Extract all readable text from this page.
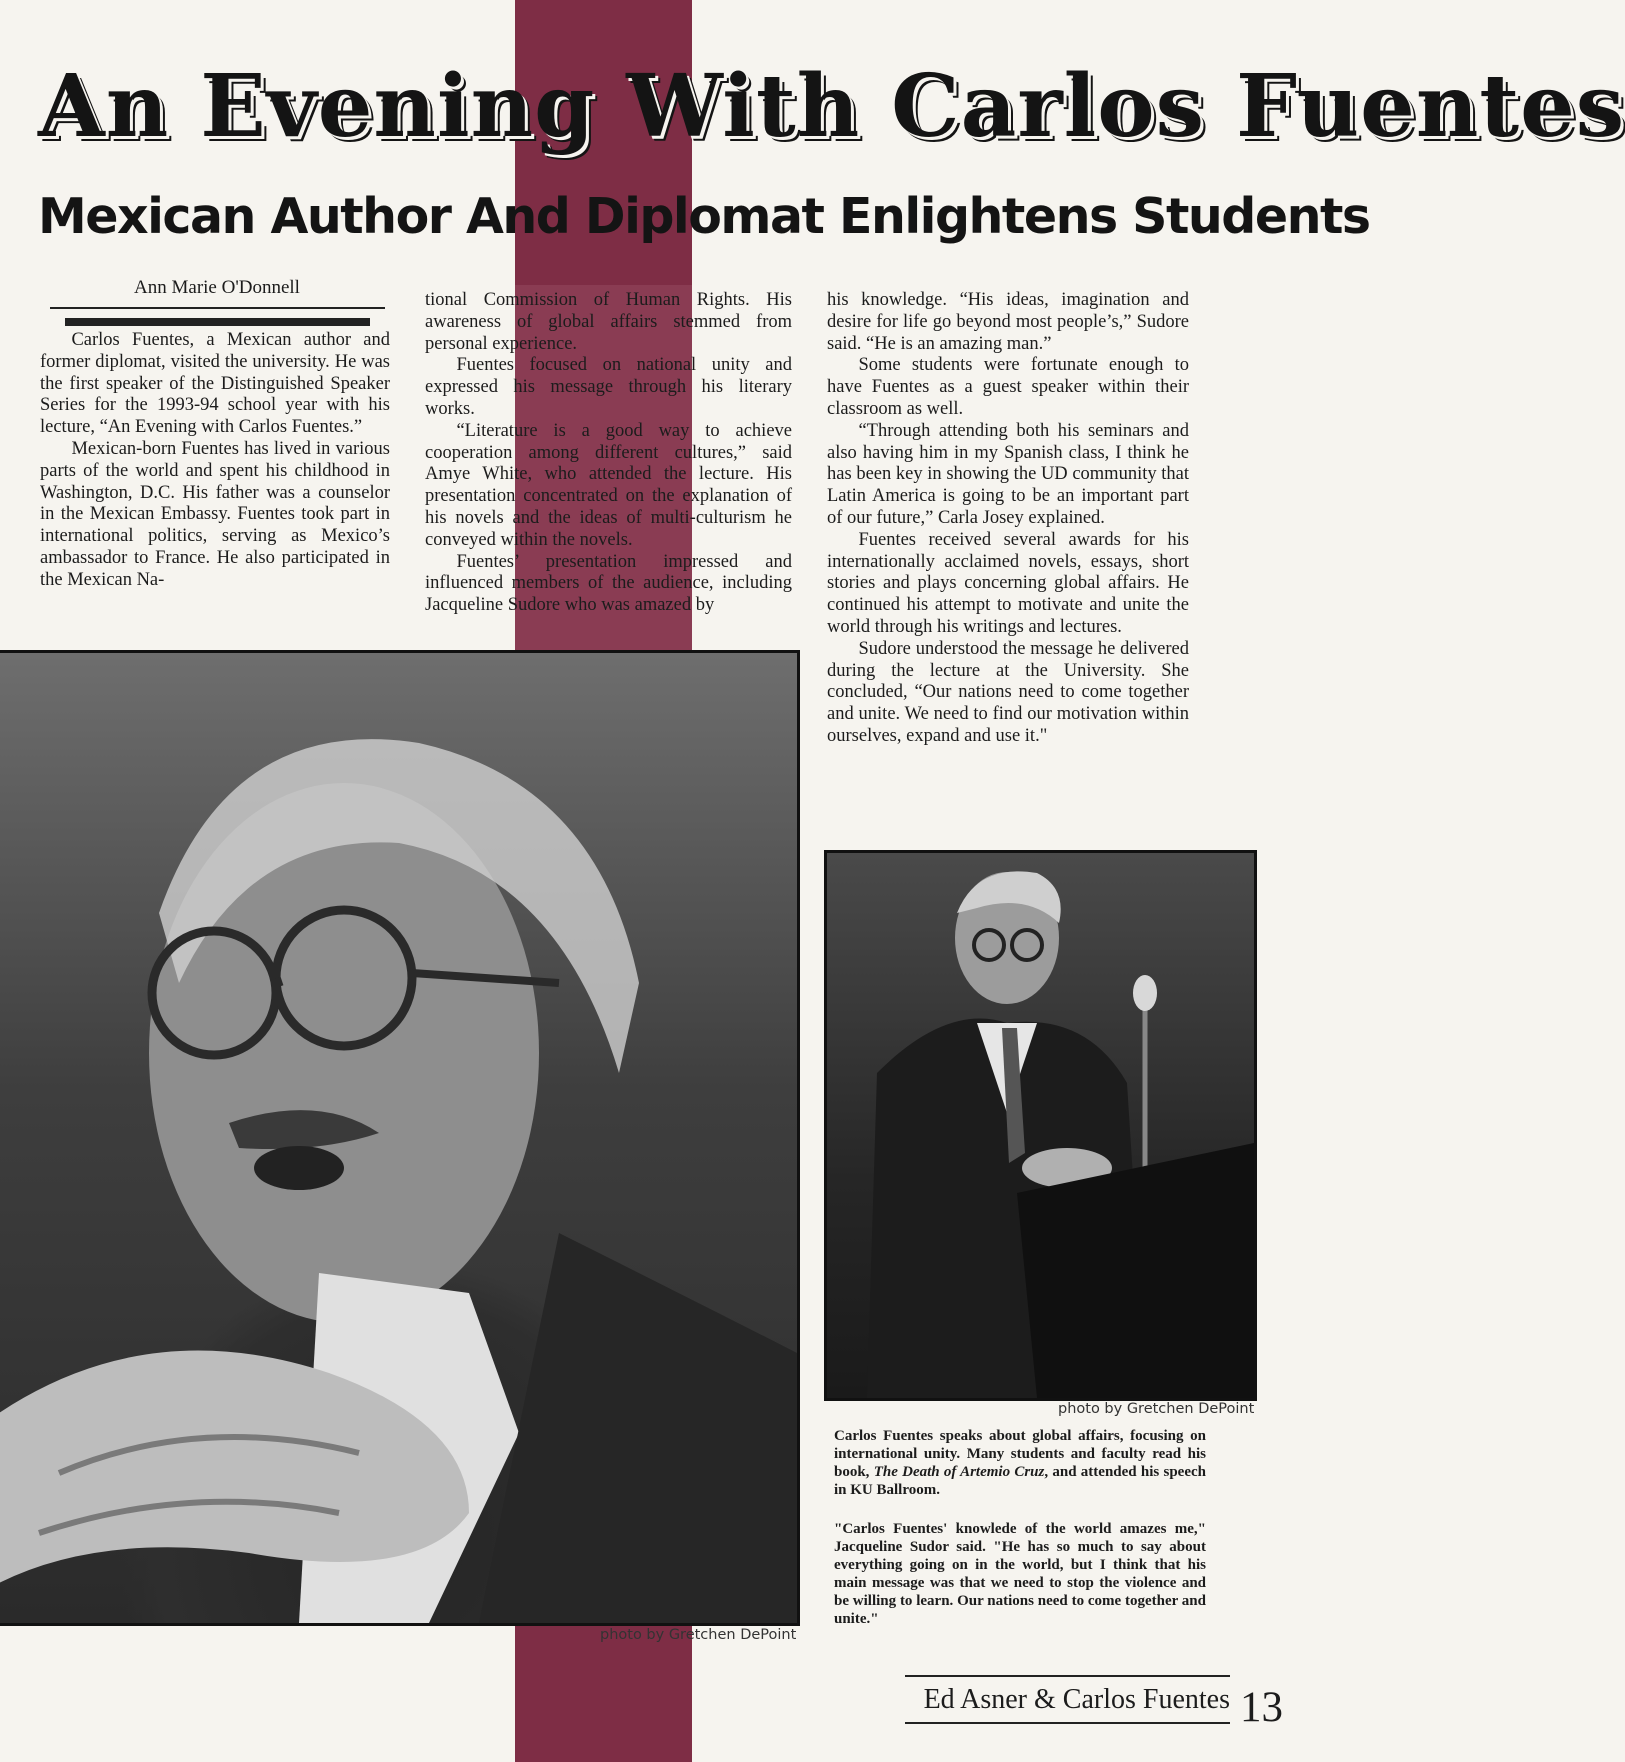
An Evening With Carlos Fuentes
Mexican Author And Diplomat Enlightens Students
Ann Marie O'Donnell

Carlos Fuentes, a Mexican author and former diplomat, visited the university. He was the first speaker of the Distinguished Speaker Series for the 1993-94 school year with his lecture, “An Evening with Carlos Fuentes.”

Mexican-born Fuentes has lived in various parts of the world and spent his childhood in Washington, D.C. His father was a counselor in the Mexican Embassy. Fuentes took part in international politics, serving as Mexico’s ambassador to France. He also participated in the Mexican Na-

tional Commission of Human Rights. His awareness of global affairs stemmed from personal experience.

Fuentes focused on national unity and expressed his message through his literary works.

“Literature is a good way to achieve cooperation among different cultures,” said Amye White, who attended the lecture. His presentation concentrated on the explanation of his novels and the ideas of multi-culturism he conveyed within the novels.

Fuentes’ presentation impressed and influenced members of the audience, including Jacqueline Sudore who was amazed by

his knowledge. “His ideas, imagination and desire for life go beyond most people’s,” Sudore said. “He is an amazing man.”

Some students were fortunate enough to have Fuentes as a guest speaker within their classroom as well.

“Through attending both his seminars and also having him in my Spanish class, I think he has been key in showing the UD community that Latin America is going to be an important part of our future,” Carla Josey explained.

Fuentes received several awards for his internationally acclaimed novels, essays, short stories and plays concerning global affairs. He continued his attempt to motivate and unite the world through his writings and lectures.

Sudore understood the message he delivered during the lecture at the University. She concluded, “Our nations need to come together and unite. We need to find our motivation within ourselves, expand and use it."

photo by Gretchen DePoint
photo by Gretchen DePoint

Carlos Fuentes speaks about global affairs, focusing on international unity. Many students and faculty read his book, The Death of Artemio Cruz, and attended his speech in KU Ballroom.

"Carlos Fuentes' knowlede of the world amazes me," Jacqueline Sudor said. "He has so much to say about everything going on in the world, but I think that his main message was that we need to stop the violence and be willing to learn. Our nations need to come together and unite."

Ed Asner & Carlos Fuentes 13
